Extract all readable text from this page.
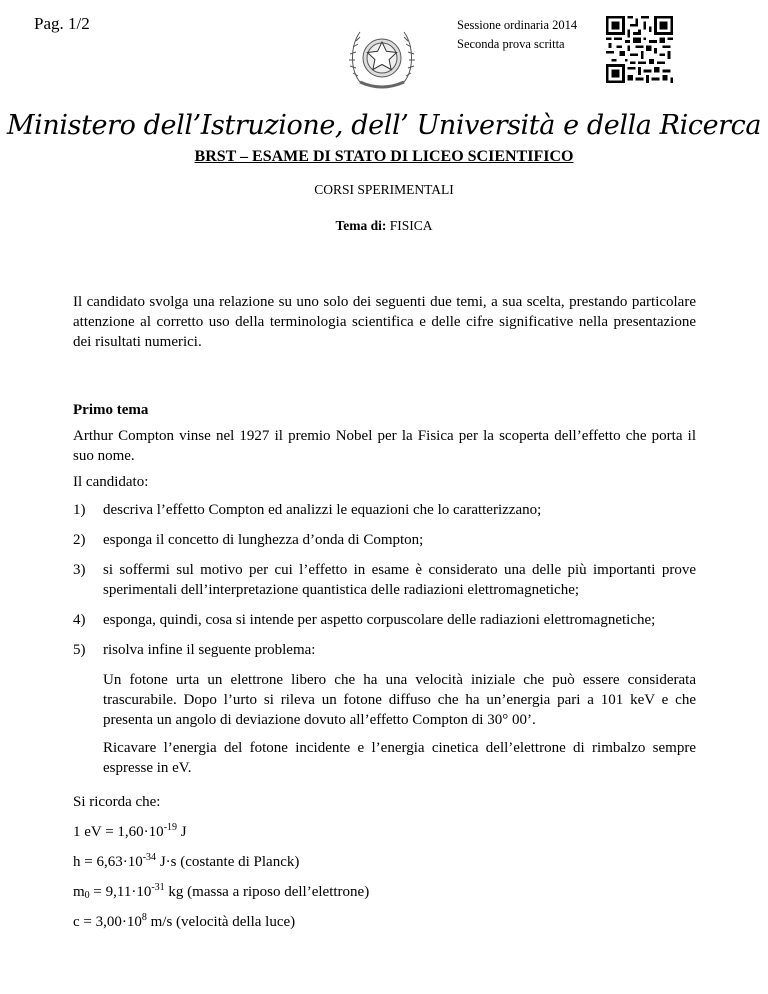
Pag. 1/2	Sessione ordinaria 2014
Seconda prova scritta
Ministero dell’Istruzione, dell’ Università e della Ricerca
BRST – ESAME DI STATO DI LICEO SCIENTIFICO
CORSI SPERIMENTALI
Tema di: FISICA
Il candidato svolga una relazione su uno solo dei seguenti due temi, a sua scelta, prestando particolare attenzione al corretto uso della terminologia scientifica e delle cifre significative nella presentazione dei risultati numerici.
Primo tema
Arthur Compton vinse nel 1927 il premio Nobel per la Fisica per la scoperta dell’effetto che porta il suo nome.
Il candidato:
1) descriva l’effetto Compton ed analizzi le equazioni che lo caratterizzano;
2) esponga il concetto di lunghezza d’onda di Compton;
3) si soffermi sul motivo per cui l’effetto in esame è considerato una delle più importanti prove sperimentali dell’interpretazione quantistica delle radiazioni elettromagnetiche;
4) esponga, quindi, cosa si intende per aspetto corpuscolare delle radiazioni elettromagnetiche;
5) risolva infine il seguente problema:
Un fotone urta un elettrone libero che ha una velocità iniziale che può essere considerata trascurabile. Dopo l’urto si rileva un fotone diffuso che ha un’energia pari a 101 keV e che presenta un angolo di deviazione dovuto all’effetto Compton di 30° 00’.
Ricavare l’energia del fotone incidente e l’energia cinetica dell’elettrone di rimbalzo sempre espresse in eV.
Si ricorda che:
1 eV = $1,60\cdot 10^{-19}$ J
$h = 6,63\cdot 10^{-34}$ J·s (costante di Planck)
$m_0 = 9,11\cdot 10^{-31}$ kg (massa a riposo dell’elettrone)
$c = 3,00\cdot 10^8$ m/s (velocità della luce)
